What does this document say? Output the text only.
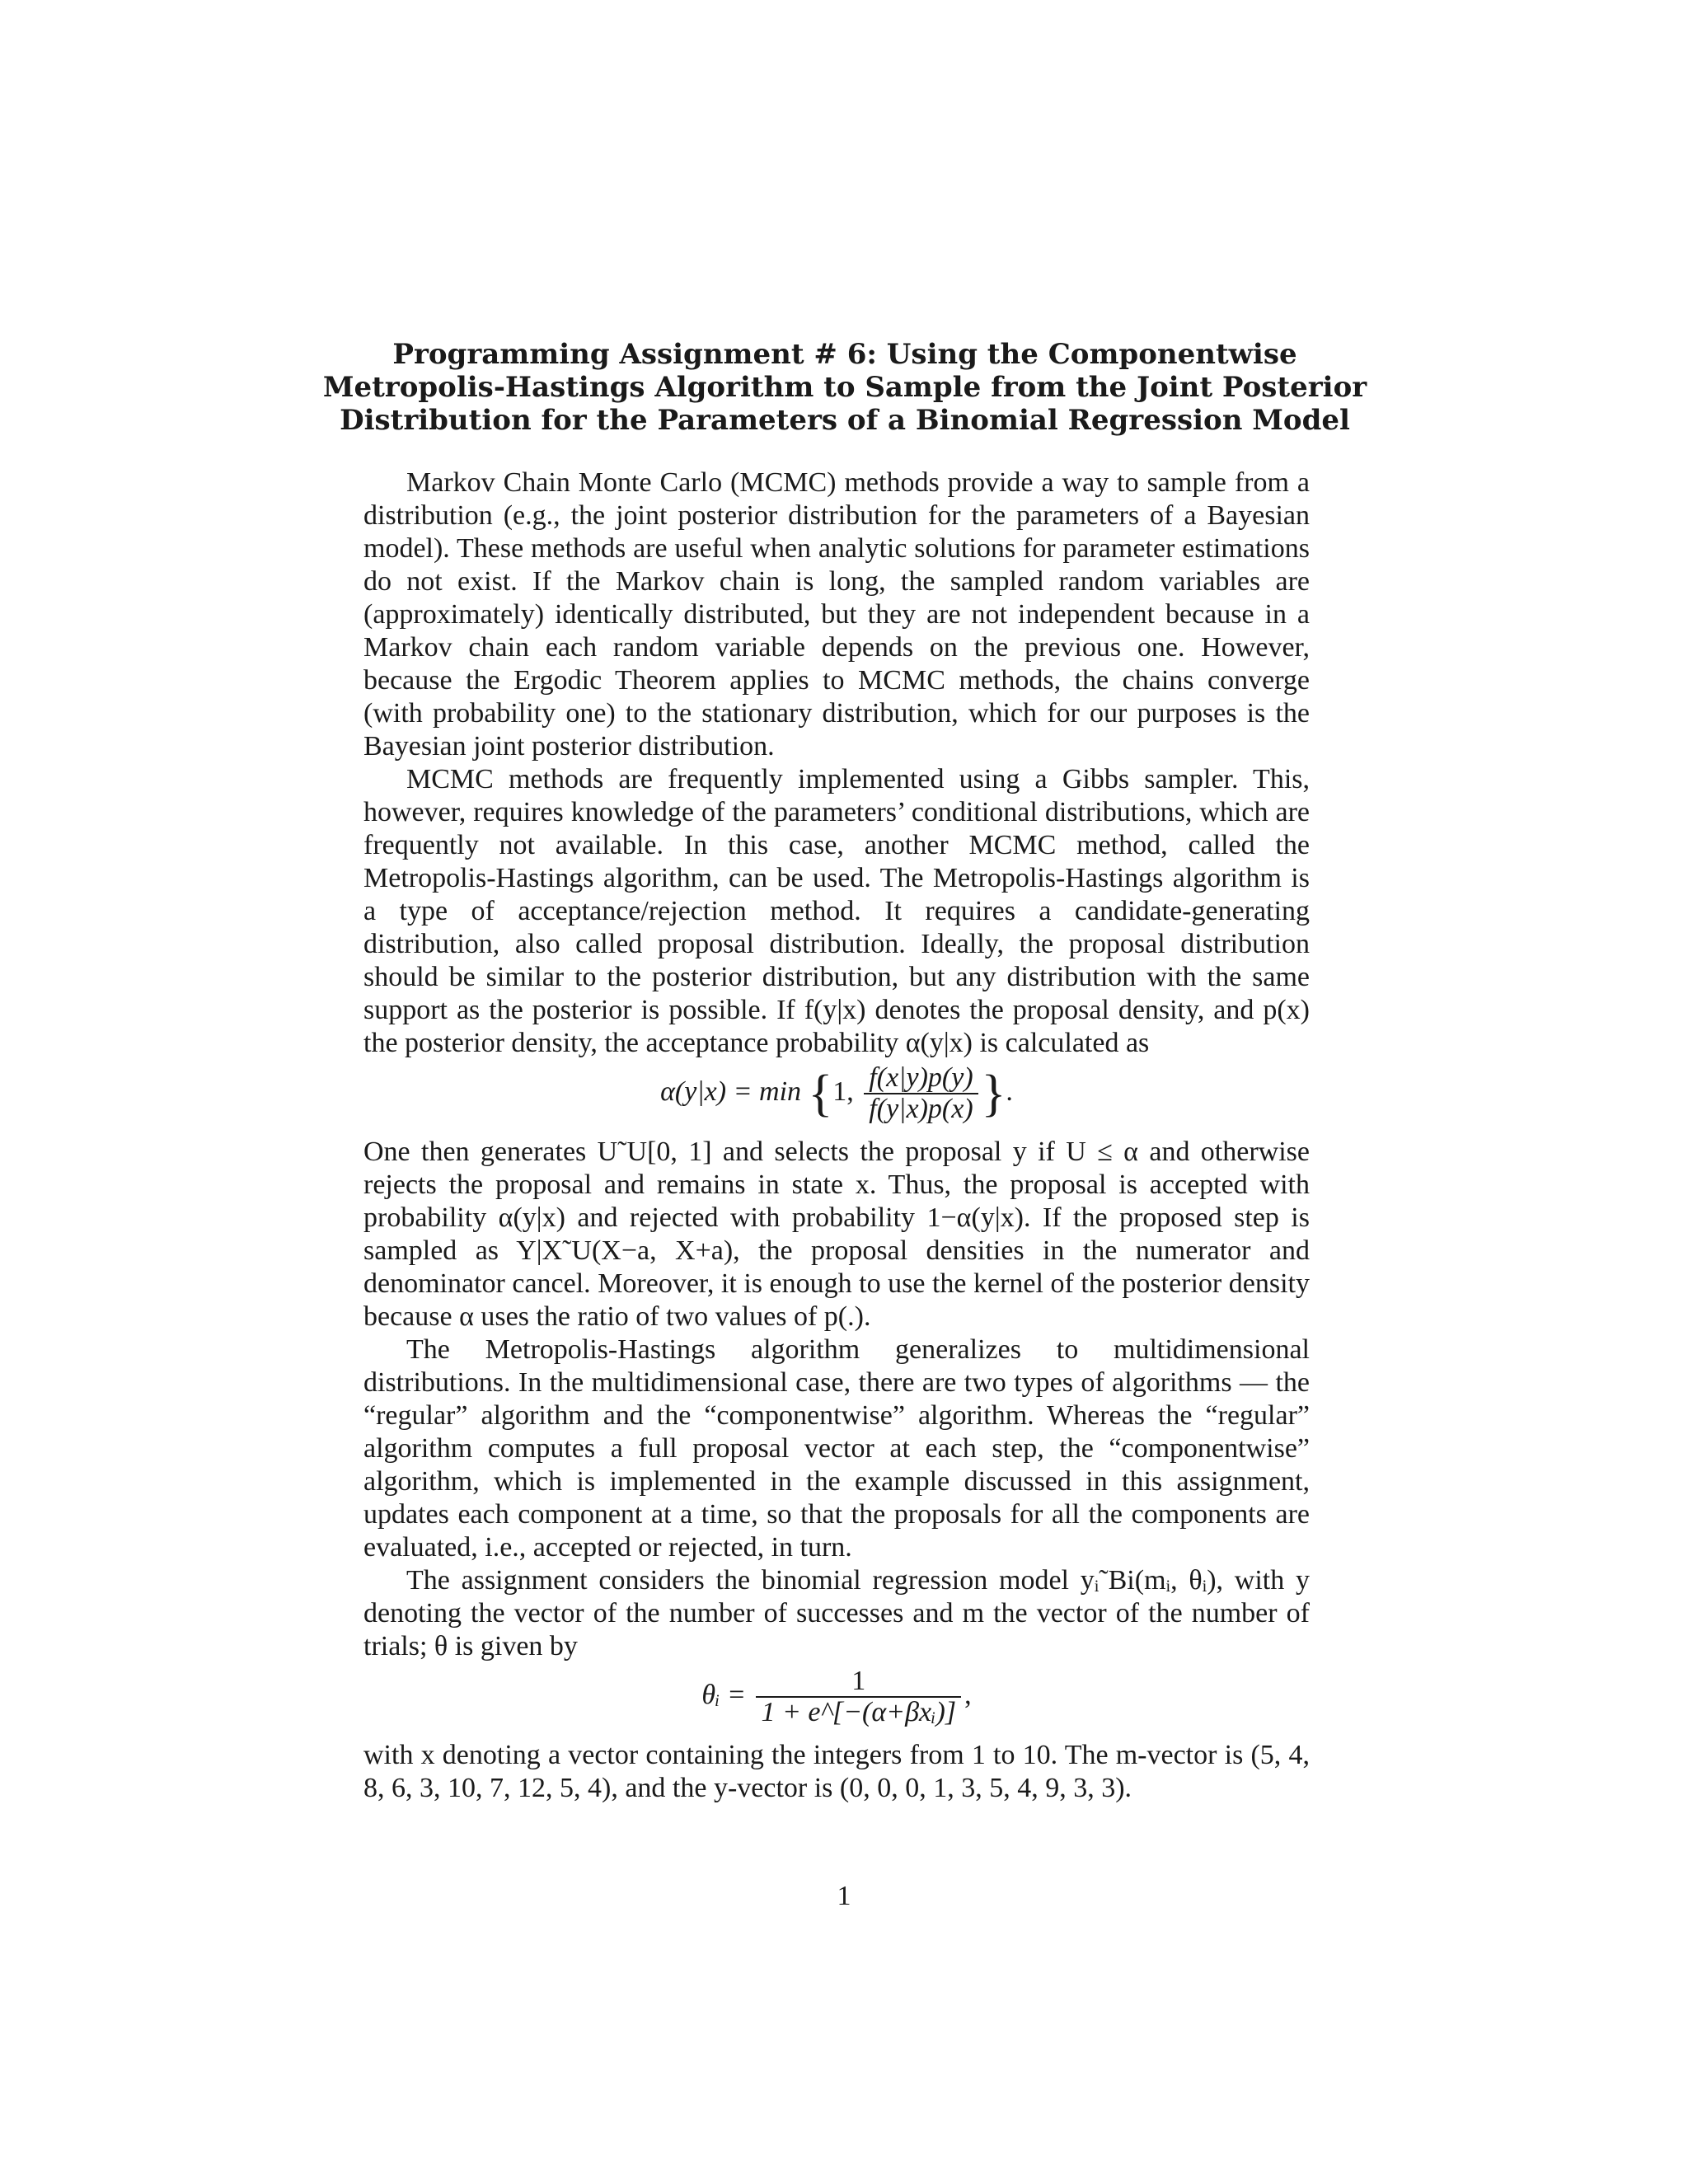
Programming Assignment # 6: Using the Componentwise
Metropolis-Hastings Algorithm to Sample from the Joint Posterior
Distribution for the Parameters of a Binomial Regression Model

Markov Chain Monte Carlo (MCMC) methods provide a way to sample from a distribution (e.g., the joint posterior distribution for the parameters of a Bayesian model). These methods are useful when analytic solutions for parameter estimations do not exist. If the Markov chain is long, the sampled random variables are (approximately) identically distributed, but they are not independent because in a Markov chain each random variable depends on the previous one. However, because the Ergodic Theorem applies to MCMC methods, the chains converge (with probability one) to the stationary distribution, which for our purposes is the Bayesian joint posterior distribution.

MCMC methods are frequently implemented using a Gibbs sampler. This, however, requires knowledge of the parameters’ conditional distributions, which are frequently not available. In this case, another MCMC method, called the Metropolis-Hastings algorithm, can be used. The Metropolis-Hastings algorithm is a type of acceptance/rejection method. It requires a candidate-generating distribution, also called proposal distribution. Ideally, the proposal distribution should be similar to the posterior distribution, but any distribution with the same support as the posterior is possible. If f(y|x) denotes the proposal density, and p(x) the posterior density, the acceptance probability α(y|x) is calculated as

α(y|x) = min {1, $\frac{f(x|y)p(y)}{f(y|x)p(x)}$ }.

One then generates U˜U[0, 1] and selects the proposal y if U ≤ α and otherwise rejects the proposal and remains in state x. Thus, the proposal is accepted with probability α(y|x) and rejected with probability 1−α(y|x). If the proposed step is sampled as Y|X˜U(X−a, X+a), the proposal densities in the numerator and denominator cancel. Moreover, it is enough to use the kernel of the posterior density because α uses the ratio of two values of p(.).

The Metropolis-Hastings algorithm generalizes to multidimensional distributions. In the multidimensional case, there are two types of algorithms — the “regular” algorithm and the “componentwise” algorithm. Whereas the “regular” algorithm computes a full proposal vector at each step, the “componentwise” algorithm, which is implemented in the example discussed in this assignment, updates each component at a time, so that the proposals for all the components are evaluated, i.e., accepted or rejected, in turn.

The assignment considers the binomial regression model yᵢ˜Bi(mᵢ, θᵢ), with y denoting the vector of the number of successes and m the vector of the number of trials; θ is given by

θᵢ = $\frac{1}{\text{1 + e\textasciicircum{}[−(α+βxᵢ)]}}$ ,

with x denoting a vector containing the integers from 1 to 10. The m-vector is (5, 4, 8, 6, 3, 10, 7, 12, 5, 4), and the y-vector is (0, 0, 0, 1, 3, 5, 4, 9, 3, 3).

1
